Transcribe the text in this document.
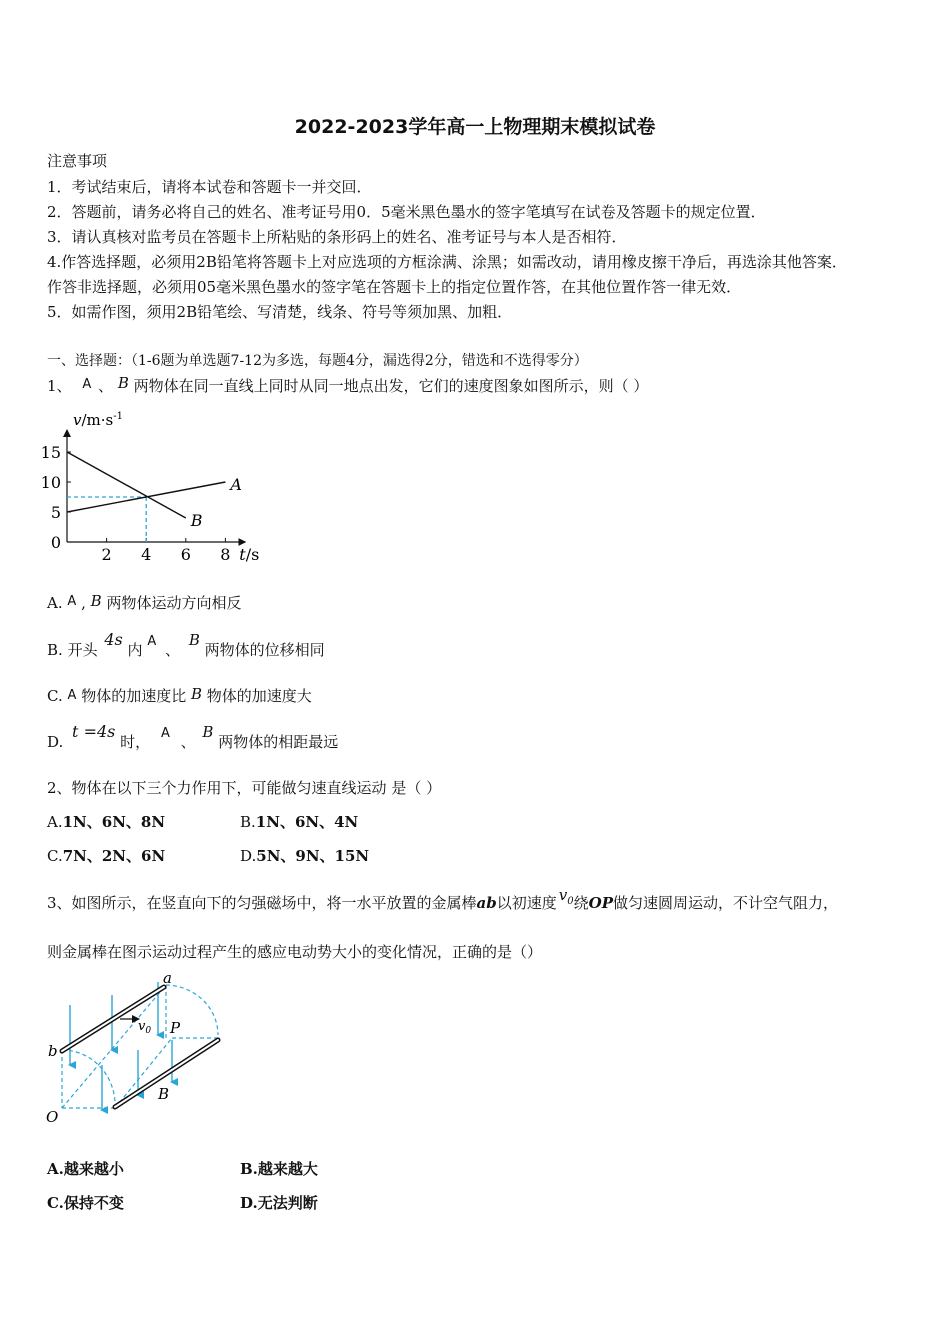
2022-2023学年高一上物理期末模拟试卷
注意事项
1．考试结束后，请将本试卷和答题卡一并交回．
2．答题前，请务必将自己的姓名、准考证号用0．5毫米黑色墨水的签字笔填写在试卷及答题卡的规定位置．
3．请认真核对监考员在答题卡上所粘贴的条形码上的姓名、准考证号与本人是否相符．
4.作答选择题，必须用2B铅笔将答题卡上对应选项的方框涂满、涂黑；如需改动，请用橡皮擦干净后，再选涂其他答案．
作答非选择题，必须用05毫米黑色墨水的签字笔在答题卡上的指定位置作答，在其他位置作答一律无效．
5．如需作图，须用2B铅笔绘、写清楚，线条、符号等须加黑、加粗．
一、选择题：（1-6题为单选题7-12为多选，每题4分，漏选得2分，错选和不选得零分）
1、 A 、 B 两物体在同一直线上同时从同一地点出发，它们的速度图象如图所示，则（ ）
2 4 6 8
5
10
15
0
$v/m\cdot s^{-1}$
t/s
A
B
A. A , B 两物体运动方向相反
B. 开头 4s 内 A 、 B 两物体的位移相同
C. A 物体的加速度比 B 物体的加速度大
D. t =4s 时， A 、 B 两物体的相距最远
2、物体在以下三个力作用下，可能做匀速直线运动 是（ ）
A.1N、6N、8N	B.1N、6N、4N
C.7N、2N、6N	D.5N、9N、15N
3、如图所示，在竖直向下的匀强磁场中，将一水平放置的金属棒ab以初速度 $v_0$绕OP做匀速圆周运动，不计空气阻力，
则金属棒在图示运动过程产生的感应电动势大小的变化情况，正确的是（）
a
b
O
P
B
$v_0$
A.越来越小	B.越来越大
C.保持不变	D.无法判断
